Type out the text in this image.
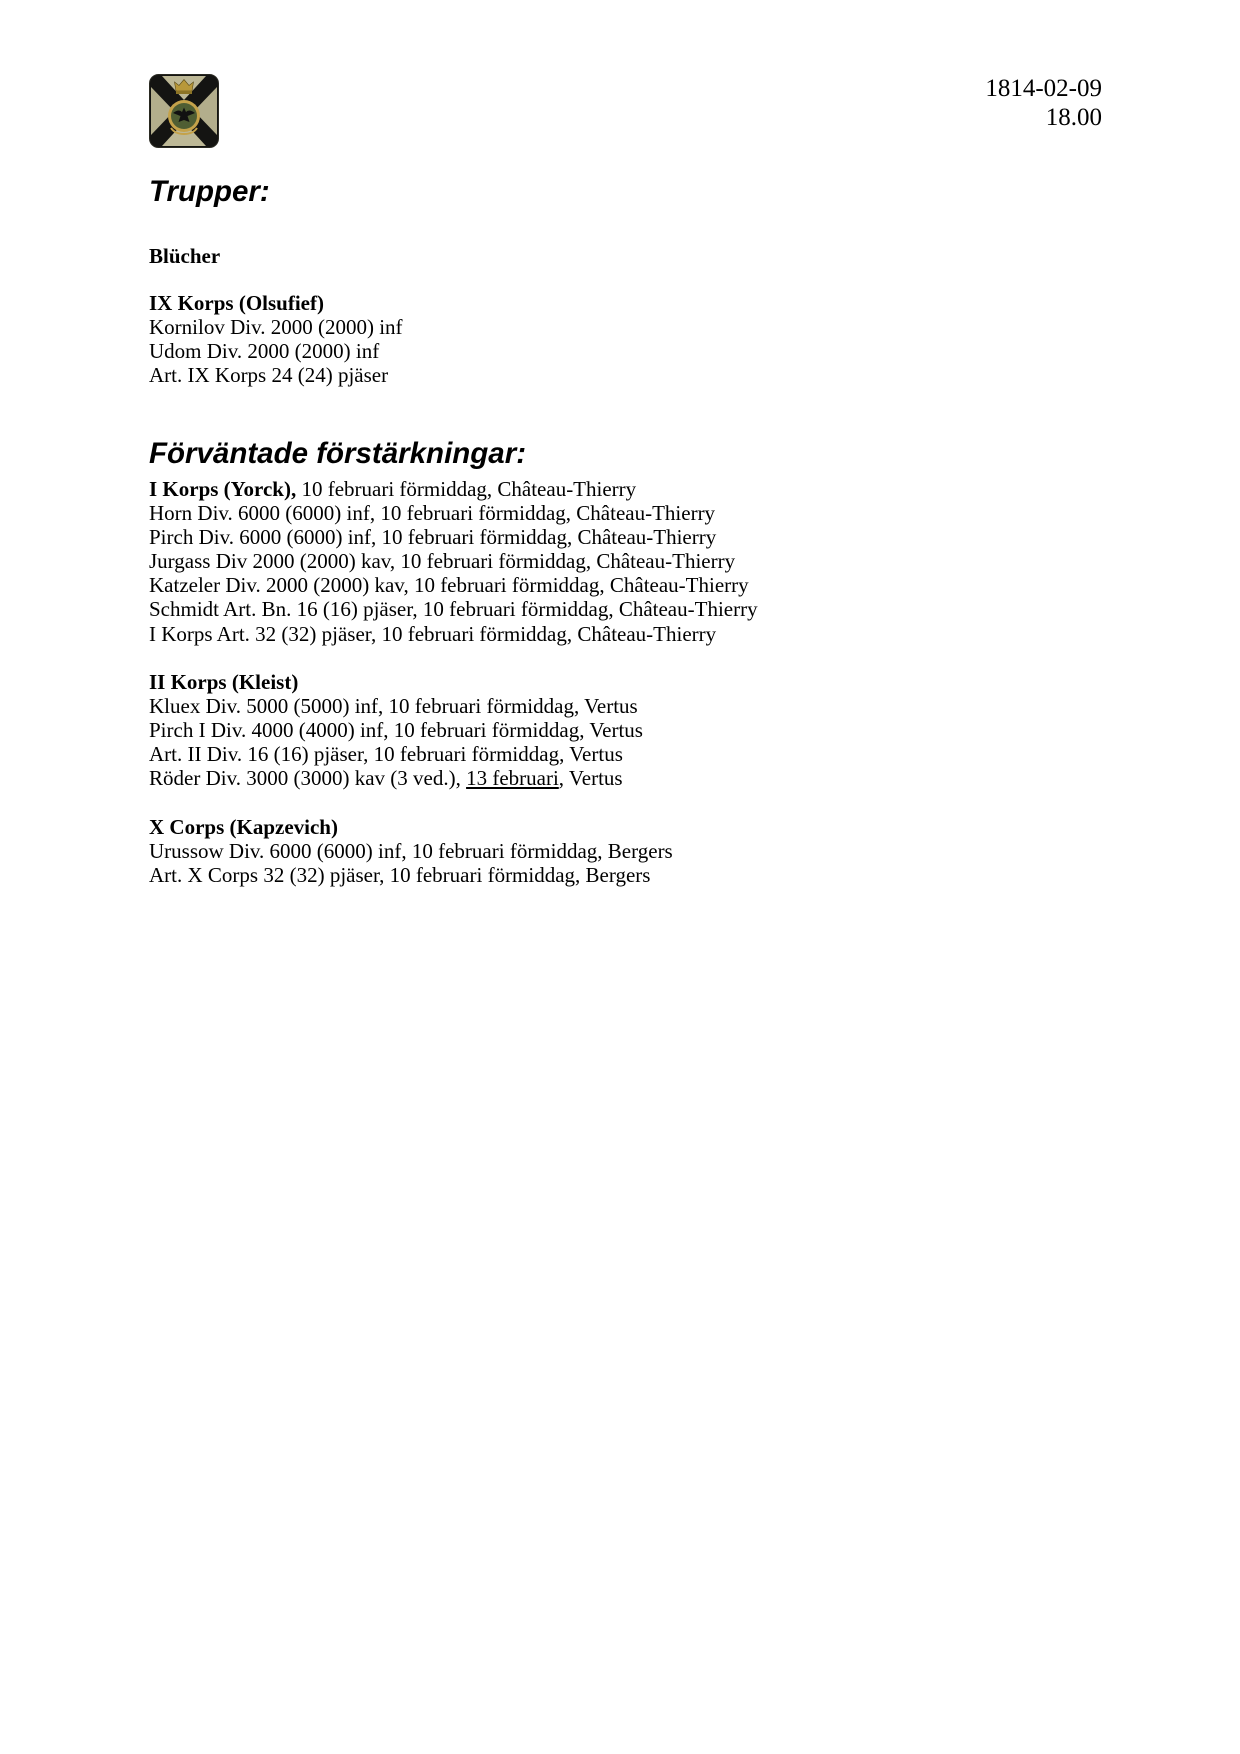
1814-02-09
18.00
Trupper:
Blücher
IX Korps (Olsufief)
Kornilov Div. 2000 (2000) inf
Udom Div. 2000 (2000) inf
Art. IX Korps 24 (24) pjäser
Förväntade förstärkningar:
I Korps (Yorck), 10 februari förmiddag, Château-Thierry
Horn Div. 6000 (6000) inf, 10 februari förmiddag, Château-Thierry
Pirch Div. 6000 (6000) inf, 10 februari förmiddag, Château-Thierry
Jurgass Div 2000 (2000) kav, 10 februari förmiddag, Château-Thierry
Katzeler Div. 2000 (2000) kav, 10 februari förmiddag, Château-Thierry
Schmidt Art. Bn. 16 (16) pjäser, 10 februari förmiddag, Château-Thierry
I Korps Art. 32 (32) pjäser, 10 februari förmiddag, Château-Thierry
II Korps (Kleist)
Kluex Div. 5000 (5000) inf, 10 februari förmiddag, Vertus
Pirch I Div. 4000 (4000) inf, 10 februari förmiddag, Vertus
Art. II Div. 16 (16) pjäser, 10 februari förmiddag, Vertus
Röder Div. 3000 (3000) kav (3 ved.), 13 februari, Vertus
X Corps (Kapzevich)
Urussow Div. 6000 (6000) inf, 10 februari förmiddag, Bergers
Art. X Corps 32 (32) pjäser, 10 februari förmiddag, Bergers
